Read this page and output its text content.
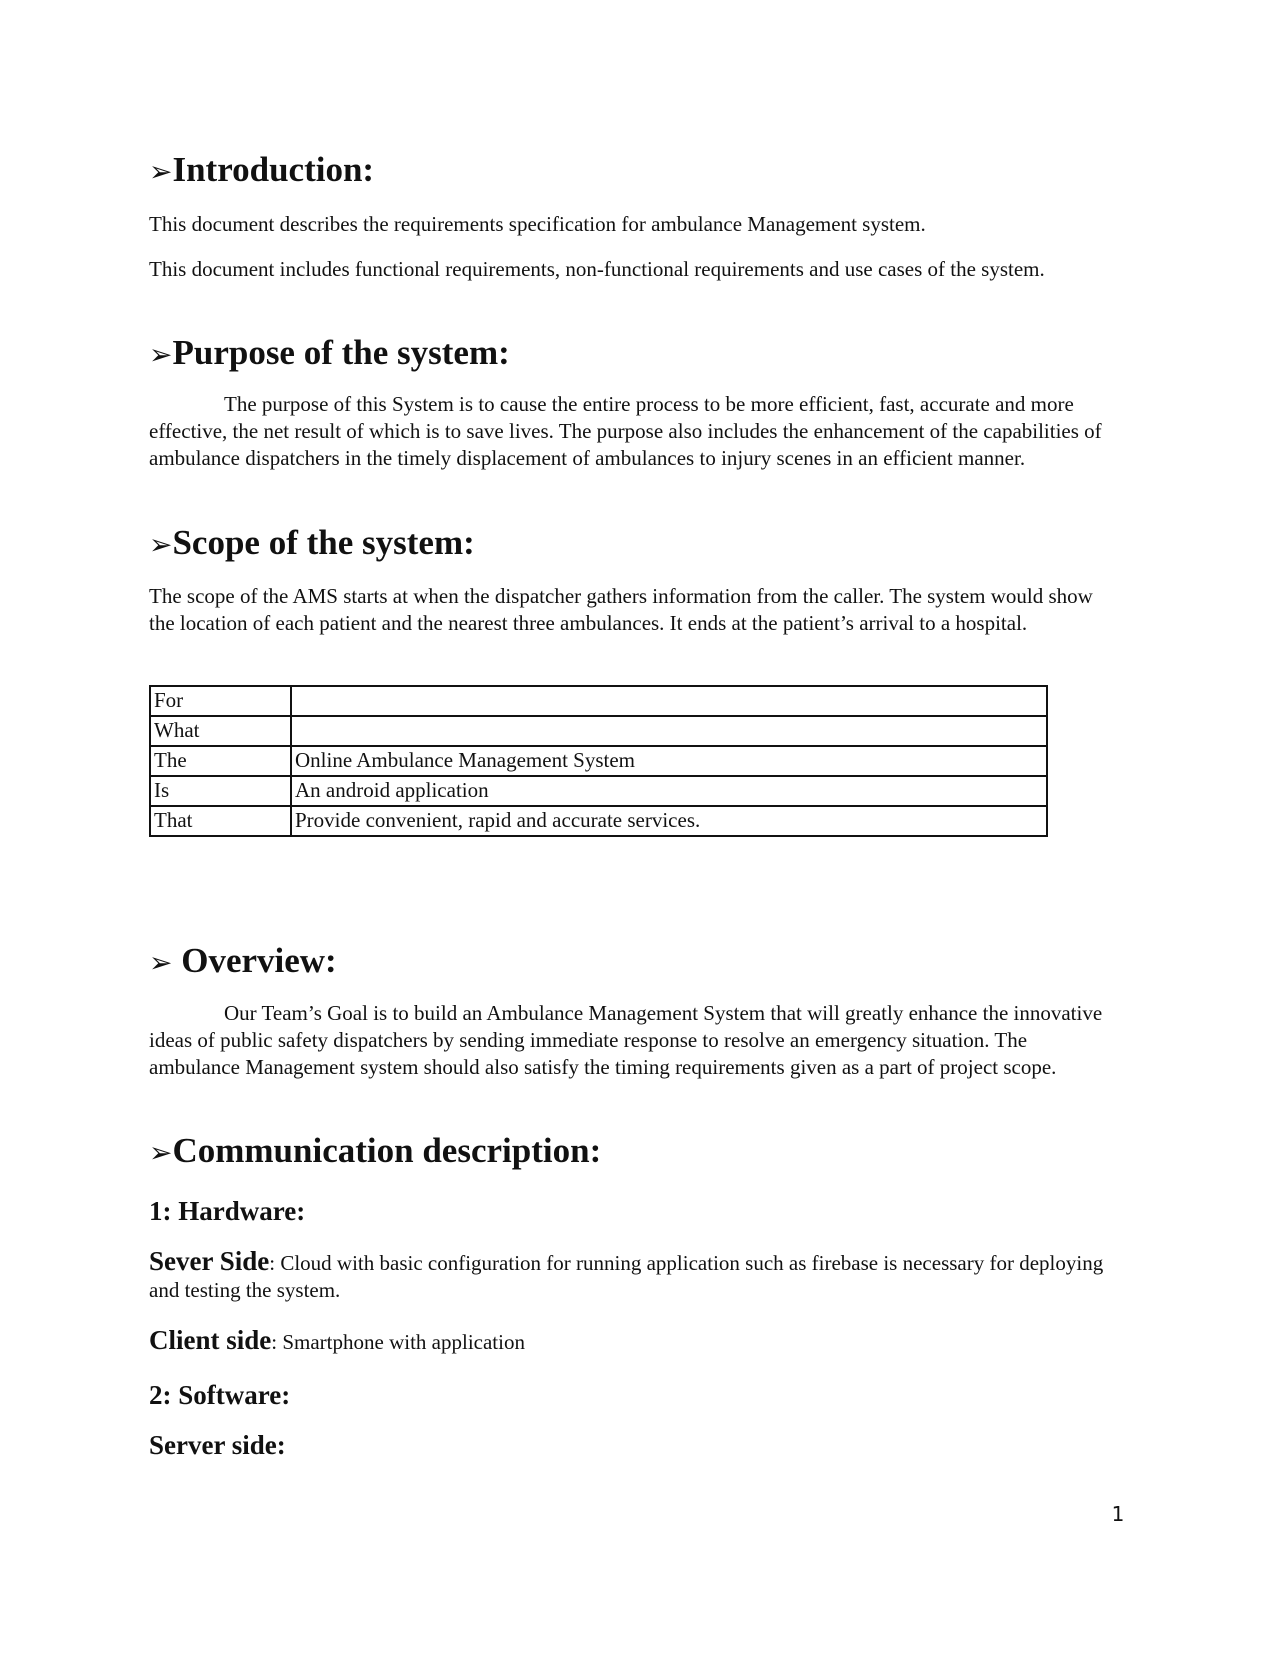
➢Introduction:

This document describes the requirements specification for ambulance Management system.

This document includes functional requirements, non-functional requirements and use cases of the system.

➢Purpose of the system:

The purpose of this System is to cause the entire process to be more efficient, fast, accurate and more effective, the net result of which is to save lives. The purpose also includes the enhancement of the capabilities of ambulance dispatchers in the timely displacement of ambulances to injury scenes in an efficient manner.

➢Scope of the system:

The scope of the AMS starts at when the dispatcher gathers information from the caller. The system would show the location of each patient and the nearest three ambulances. It ends at the patient’s arrival to a hospital.

For	
What	
The	Online Ambulance Management System
Is	An android application
That	Provide convenient, rapid and accurate services.
➢ Overview:

Our Team’s Goal is to build an Ambulance Management System that will greatly enhance the innovative ideas of public safety dispatchers by sending immediate response to resolve an emergency situation. The ambulance Management system should also satisfy the timing requirements given as a part of project scope.

➢Communication description:
1: Hardware:

Sever Side: Cloud with basic configuration for running application such as firebase is necessary for deploying and testing the system.

Client side: Smartphone with application

2: Software:
Server side:
1
